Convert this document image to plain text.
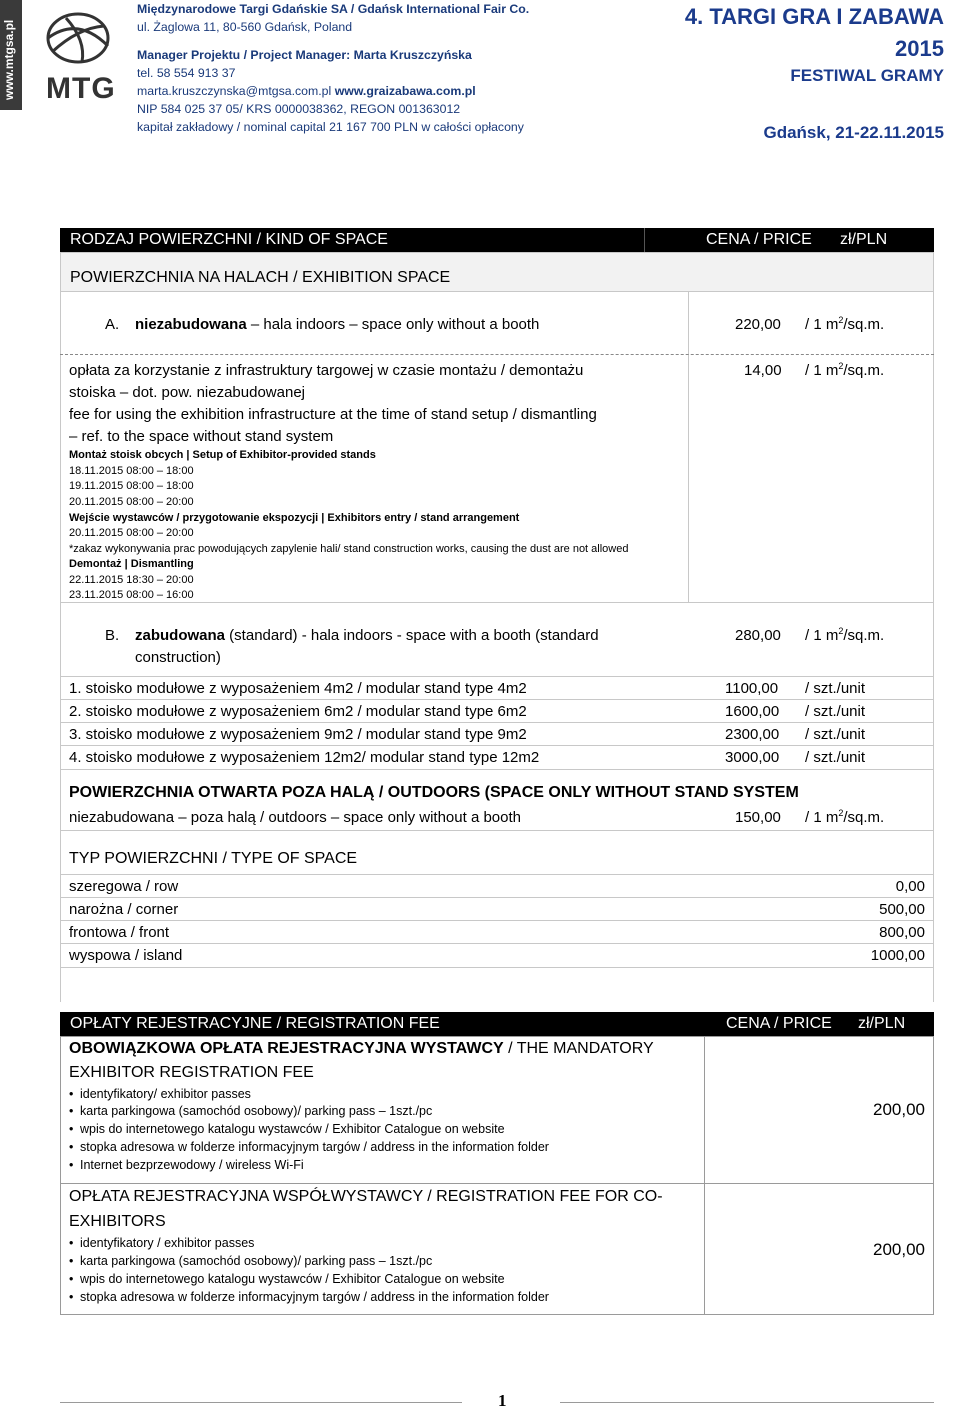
www.mtgsa.pl MTG
Międzynarodowe Targi Gdańskie SA / Gdańsk International Fair Co.
ul. Żaglowa 11, 80-560 Gdańsk, Poland
Manager Projektu / Project Manager: Marta Kruszczyńska
tel. 58 554 913 37
marta.kruszczynska@mtgsa.com.pl www.graizabawa.com.pl
NIP 584 025 37 05/ KRS 0000038362, REGON 001363012
kapitał zakładowy / nominal capital 21 167 700 PLN w całości opłacony
4. TARGI GRA I ZABAWA
2015
FESTIWAL GRAMY
Gdańsk, 21-22.11.2015
RODZAJ POWIERZCHNI / KIND OF SPACE	CENA / PRICE zł/PLN
POWIERZCHNIA NA HALACH / EXHIBITION SPACE
A. niezabudowana – hala indoors – space only without a booth	220,00 / 1 $m^2/sq.m$.
opłata za korzystanie z infrastruktury targowej w czasie montażu / demontażu
stoiska – dot. pow. niezabudowanej
fee for using the exhibition infrastructure at the time of stand setup / dismantling
– ref. to the space without stand system
Montaż stoisk obcych | Setup of Exhibitor-provided stands
18.11.2015 08:00 – 18:00
19.11.2015 08:00 – 18:00
20.11.2015 08:00 – 20:00
Wejście wystawców / przygotowanie ekspozycji | Exhibitors entry / stand arrangement
20.11.2015 08:00 – 20:00
*zakaz wykonywania prac powodujących zapylenie hali/ stand construction works, causing the dust are not allowed
Demontaż | Dismantling
22.11.2015 18:30 – 20:00
23.11.2015 08:00 – 16:00
14,00 / 1 $m^2/sq.m$.
B. zabudowana (standard) - hala indoors - space with a booth (standard
construction)
280,00 / 1 $m^2/sq.m$.
1. stoisko modułowe z wyposażeniem 4m2 / modular stand type 4m2	1100,00 / szt./unit
2. stoisko modułowe z wyposażeniem 6m2 / modular stand type 6m2	1600,00 / szt./unit
3. stoisko modułowe z wyposażeniem 9m2 / modular stand type 9m2	2300,00 / szt./unit
4. stoisko modułowe z wyposażeniem 12m2/ modular stand type 12m2	3000,00 / szt./unit
POWIERZCHNIA OTWARTA POZA HALĄ / OUTDOORS (SPACE ONLY WITHOUT STAND SYSTEM
niezabudowana – poza halą / outdoors – space only without a booth	150,00 / 1 $m^2/sq.m$.
TYP POWIERZCHNI / TYPE OF SPACE
szeregowa / row	0,00
narożna / corner	500,00
frontowa / front	800,00
wyspowa / island	1000,00
OPŁATY REJESTRACYJNE / REGISTRATION FEE	CENA / PRICE zł/PLN
OBOWIĄZKOWA OPŁATA REJESTRACYJNA WYSTAWCY / THE MANDATORY
EXHIBITOR REGISTRATION FEE
• identyfikatory/ exhibitor passes
• karta parkingowa (samochód osobowy)/ parking pass – 1szt./pc
• wpis do internetowego katalogu wystawców / Exhibitor Catalogue on website
• stopka adresowa w folderze informacyjnym targów / address in the information folder
• Internet bezprzewodowy / wireless Wi-Fi
200,00
OPŁATA REJESTRACYJNA WSPÓŁWYSTAWCY / REGISTRATION FEE FOR CO-
EXHIBITORS
• identyfikatory / exhibitor passes
• karta parkingowa (samochód osobowy)/ parking pass – 1szt./pc
• wpis do internetowego katalogu wystawców / Exhibitor Catalogue on website
• stopka adresowa w folderze informacyjnym targów / address in the information folder
200,00
1
